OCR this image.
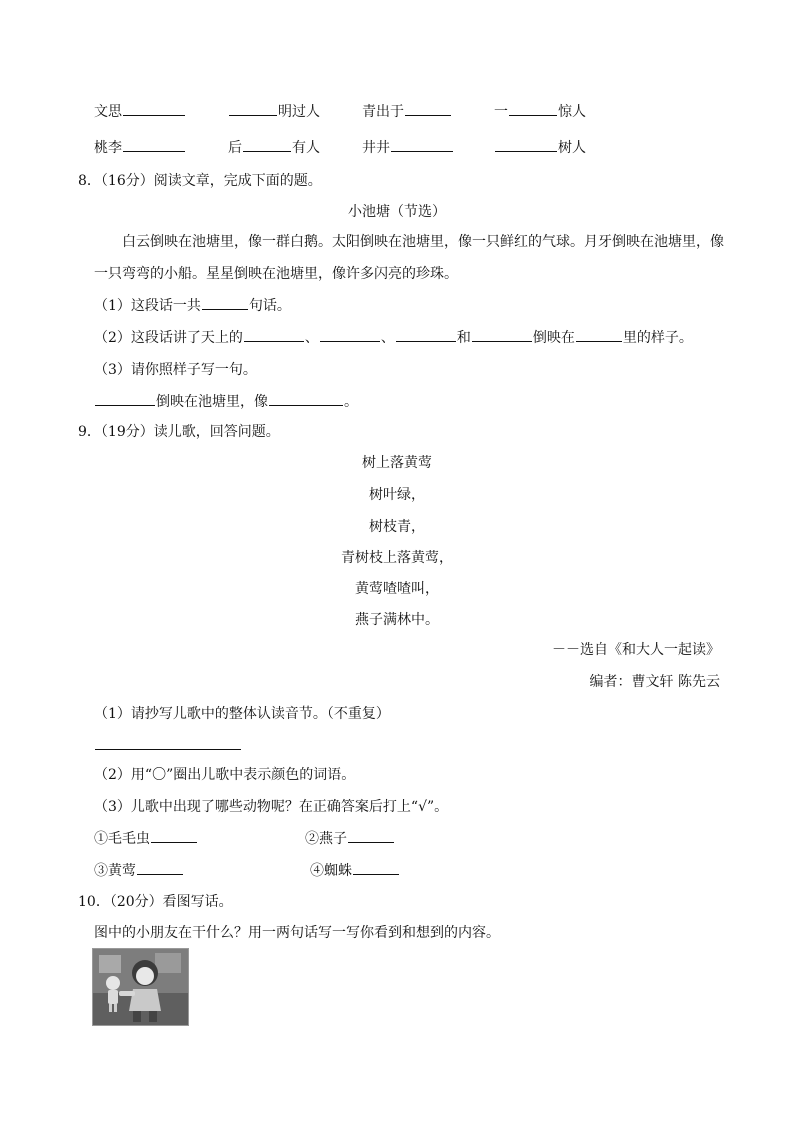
文思	明过人	青出于	一	惊人
桃李	后	有人	井井	树人
8．（16分）阅读文章，完成下面的题。
小池塘（节选）
白云倒映在池塘里，像一群白鹅。太阳倒映在池塘里，像一只鲜红的气球。月牙倒映在池塘里，像
一只弯弯的小船。星星倒映在池塘里，像许多闪亮的珍珠。
（1）这段话一共	句话。
（2）这段话讲了天上的	、	、	和	倒映在	里的样子。
（3）请你照样子写一句。
倒映在池塘里，像	。
9．（19分）读儿歌，回答问题。
树上落黄莺
树叶绿，
树枝青，
青树枝上落黄莺，
黄莺喳喳叫，
燕子满林中。
－－选自《和大人一起读》
编者：曹文轩 陈先云
（1）请抄写儿歌中的整体认读音节。（不重复）
（2）用“〇”圈出儿歌中表示颜色的词语。
（3）儿歌中出现了哪些动物呢？在正确答案后打上“√”。
①毛毛虫	②燕子
③黄莺	④蜘蛛
10．（20分）看图写话。
图中的小朋友在干什么？用一两句话写一写你看到和想到的内容。
